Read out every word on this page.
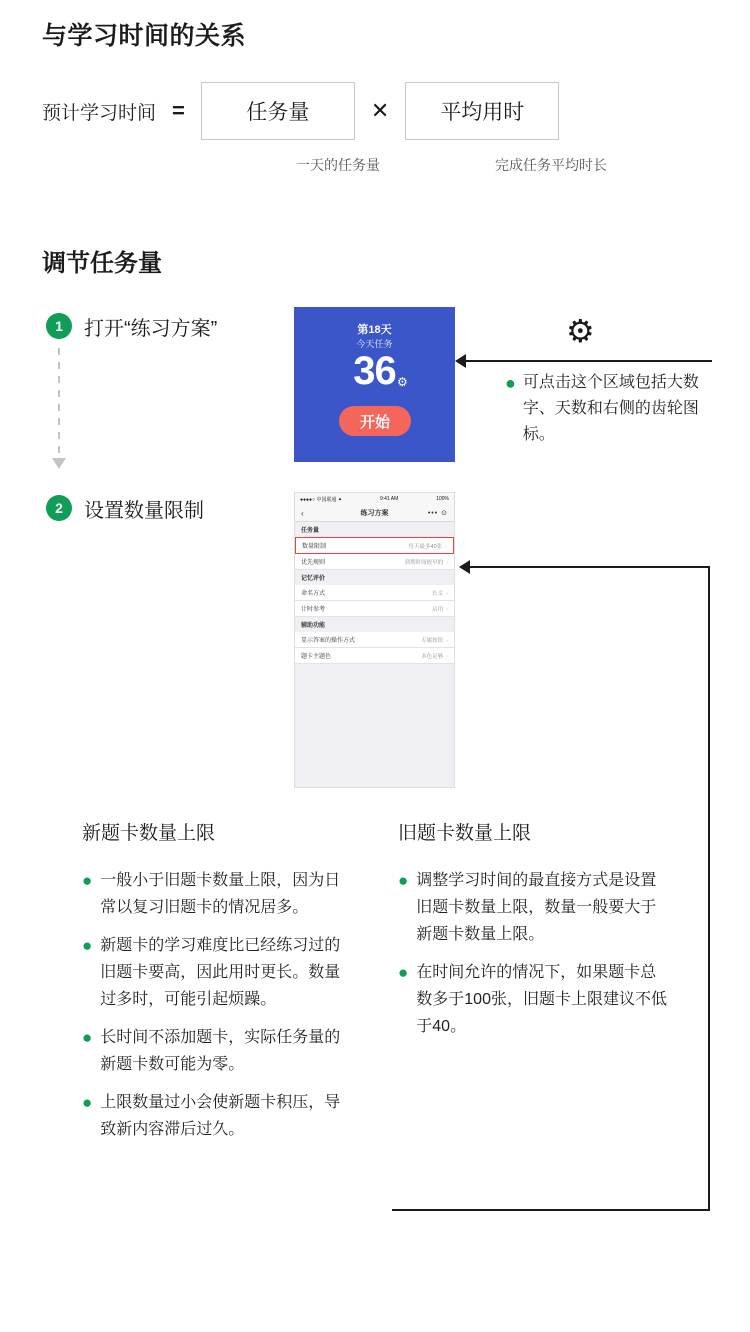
与学习时间的关系
预计学习时间 =	任务量	✕	平均用时
一天的任务量	完成任务平均时长
调节任务量
1	打开“练习方案”
2	设置数量限制
第18天
今天任务
36 ⚙
开始
⚙
● 可点击这个区域包括大数字、天数和右侧的齿轮图标。
●●●●○ 中国联通 ✦	9:41 AM	100%
‹	练习方案	••• ⊙
任务量
数量限制	每天最多40张 ›
优先规则	到期时间较早的 ›
记忆评价
命名方式	长文 ›
计时参考	启用 ›
辅助功能
显示答案的操作方式	专属按钮 ›
题卡主题色	多色足够 ›
新题卡数量上限
● 一般小于旧题卡数量上限，因为日常以复习旧题卡的情况居多。
● 新题卡的学习难度比已经练习过的旧题卡要高，因此用时更长。数量过多时，可能引起烦躁。
● 长时间不添加题卡，实际任务量的新题卡数可能为零。
● 上限数量过小会使新题卡积压，导致新内容滞后过久。
旧题卡数量上限
● 调整学习时间的最直接方式是设置旧题卡数量上限，数量一般要大于新题卡数量上限。
● 在时间允许的情况下，如果题卡总数多于100张，旧题卡上限建议不低于40。
